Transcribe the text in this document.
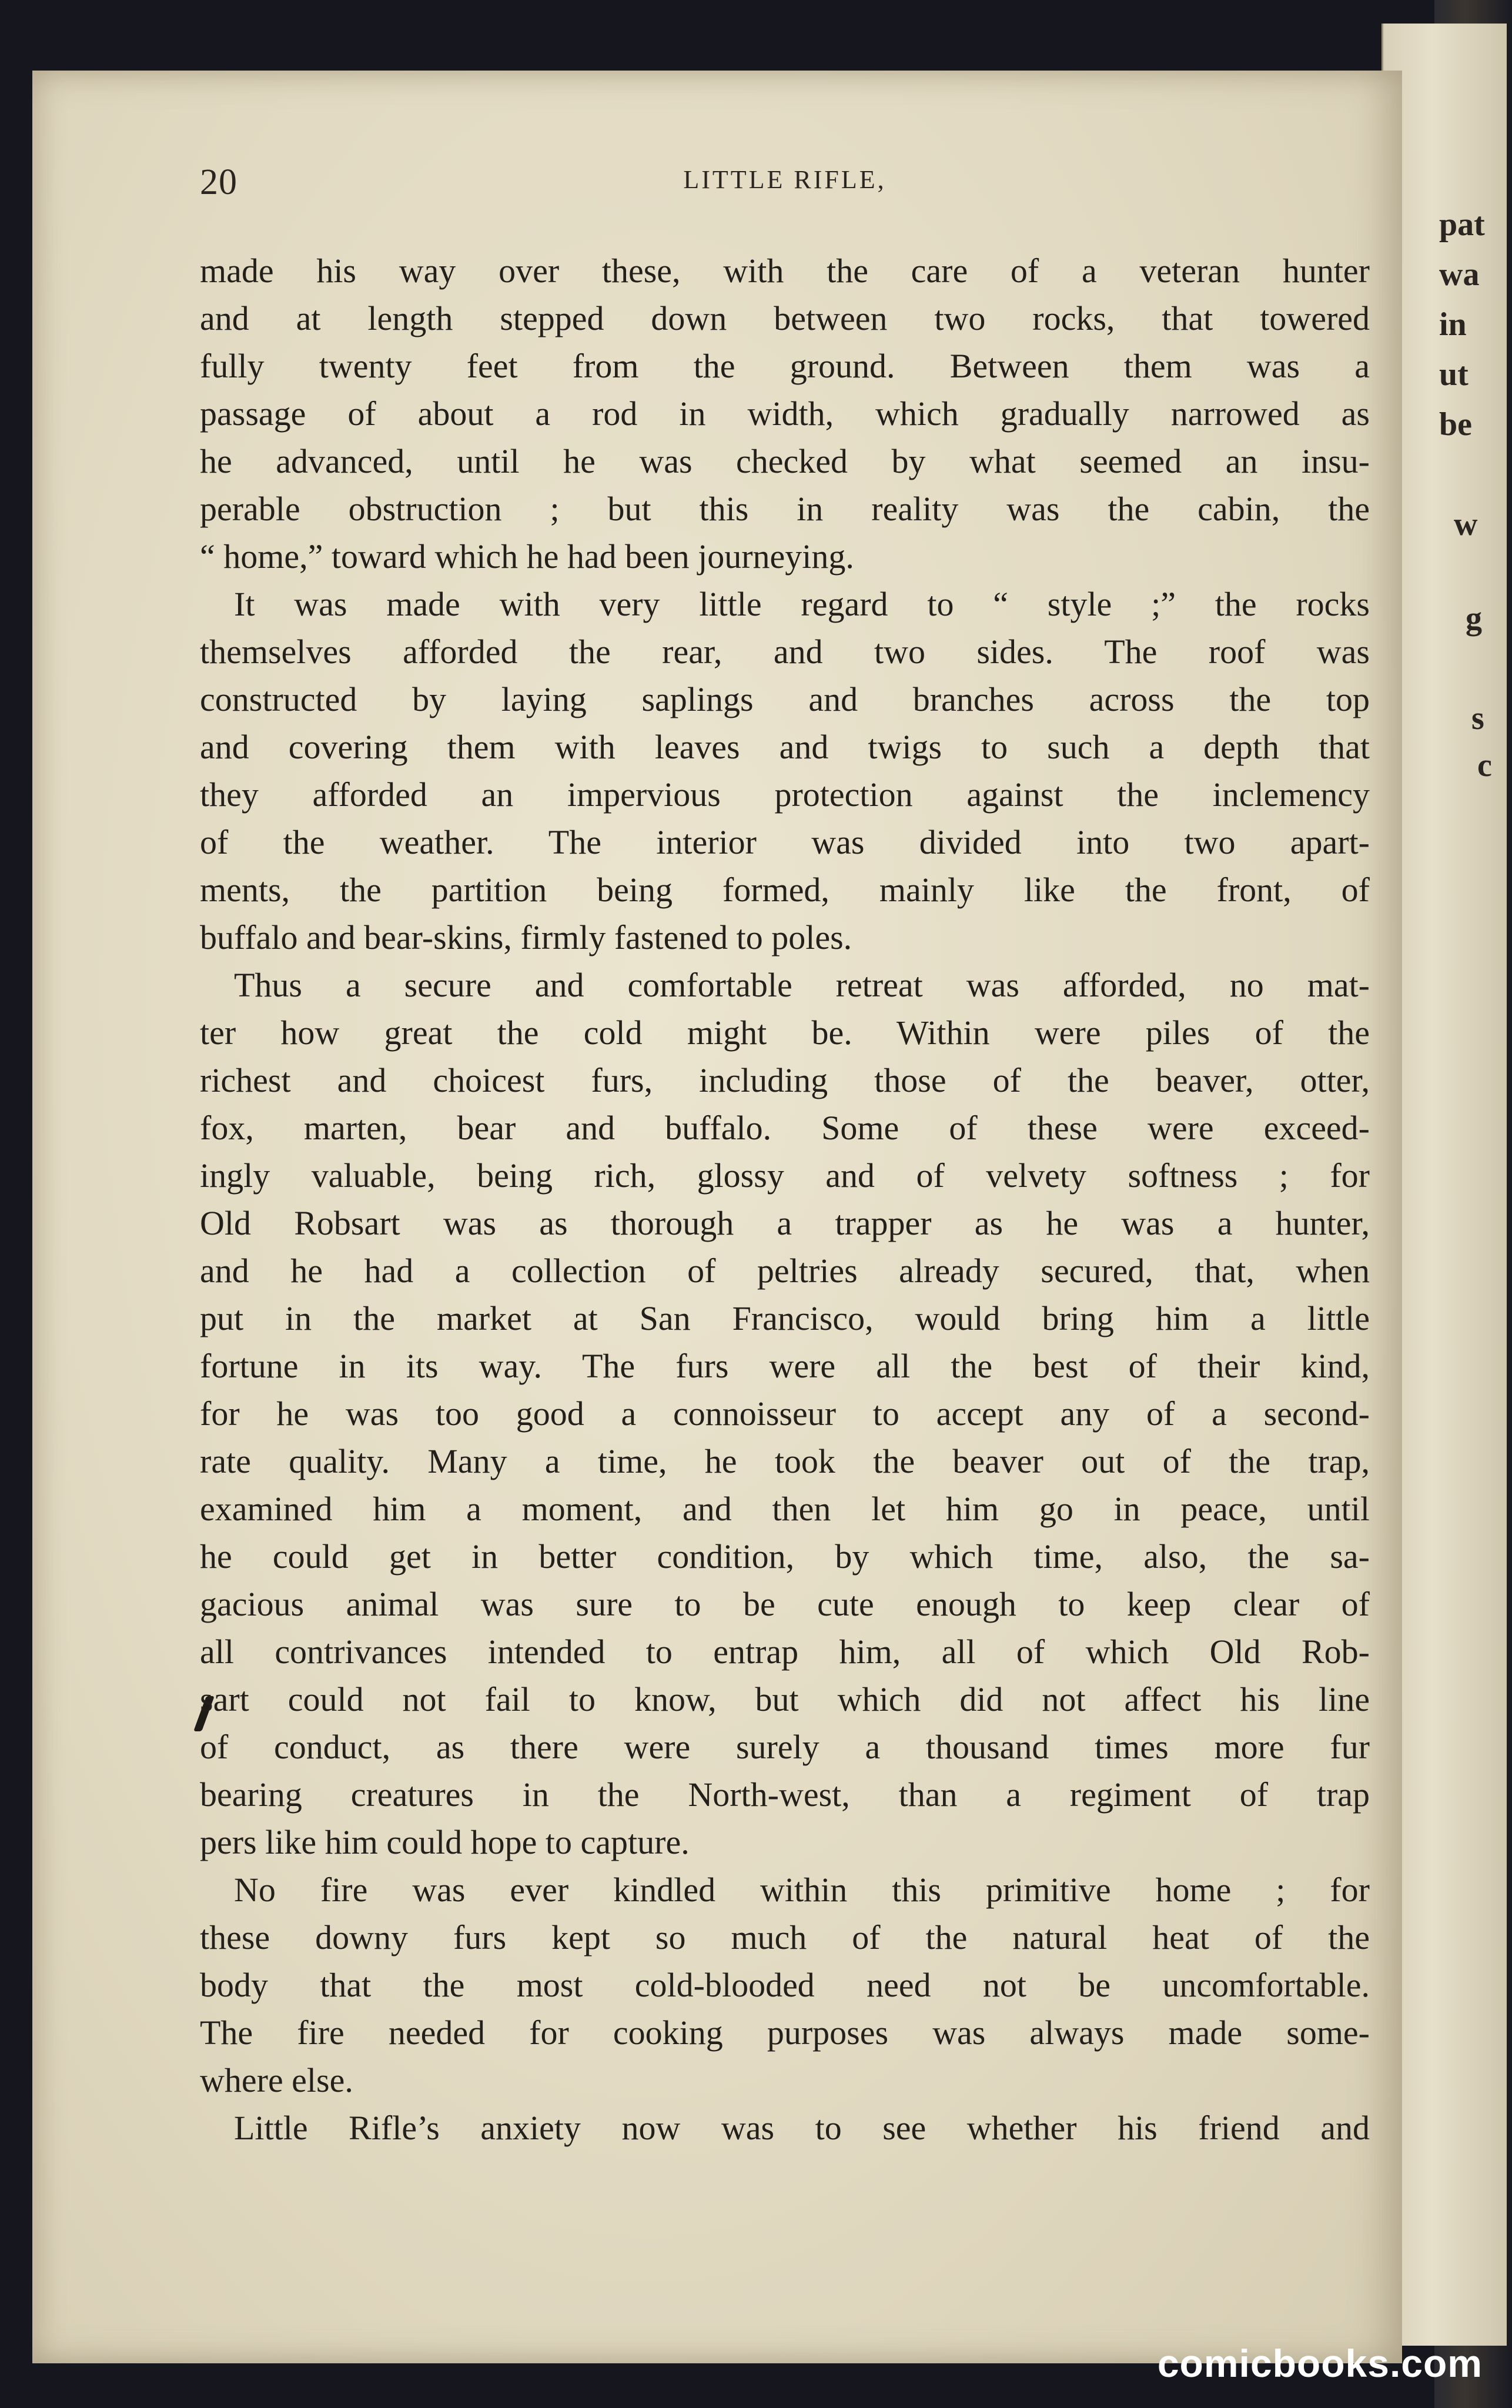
pat
wa
in
ut
be
w
g
s
c
20	LITTLE RIFLE,
made his way over these, with the care of a veteran hunter
and at length stepped down between two rocks, that towered
fully twenty feet from the ground. Between them was a
passage of about a rod in width, which gradually narrowed as
he advanced, until he was checked by what seemed an insu-
perable obstruction ; but this in reality was the cabin, the
“ home,” toward which he had been journeying.
It was made with very little regard to “ style ;” the rocks
themselves afforded the rear, and two sides. The roof was
constructed by laying saplings and branches across the top
and covering them with leaves and twigs to such a depth that
they afforded an impervious protection against the inclemency
of the weather. The interior was divided into two apart-
ments, the partition being formed, mainly like the front, of
buffalo and bear-skins, firmly fastened to poles.
Thus a secure and comfortable retreat was afforded, no mat-
ter how great the cold might be. Within were piles of the
richest and choicest furs, including those of the beaver, otter,
fox, marten, bear and buffalo. Some of these were exceed-
ingly valuable, being rich, glossy and of velvety softness ; for
Old Robsart was as thorough a trapper as he was a hunter,
and he had a collection of peltries already secured, that, when
put in the market at San Francisco, would bring him a little
fortune in its way. The furs were all the best of their kind,
for he was too good a connoisseur to accept any of a second-
rate quality. Many a time, he took the beaver out of the trap,
examined him a moment, and then let him go in peace, until
he could get in better condition, by which time, also, the sa-
gacious animal was sure to be cute enough to keep clear of
all contrivances intended to entrap him, all of which Old Rob-
sart could not fail to know, but which did not affect his line
of conduct, as there were surely a thousand times more fur
bearing creatures in the North-west, than a regiment of trap
pers like him could hope to capture.
No fire was ever kindled within this primitive home ; for
these downy furs kept so much of the natural heat of the
body that the most cold-blooded need not be uncomfortable.
The fire needed for cooking purposes was always made some-
where else.
Little Rifle’s anxiety now was to see whether his friend and
comicbooks.com
